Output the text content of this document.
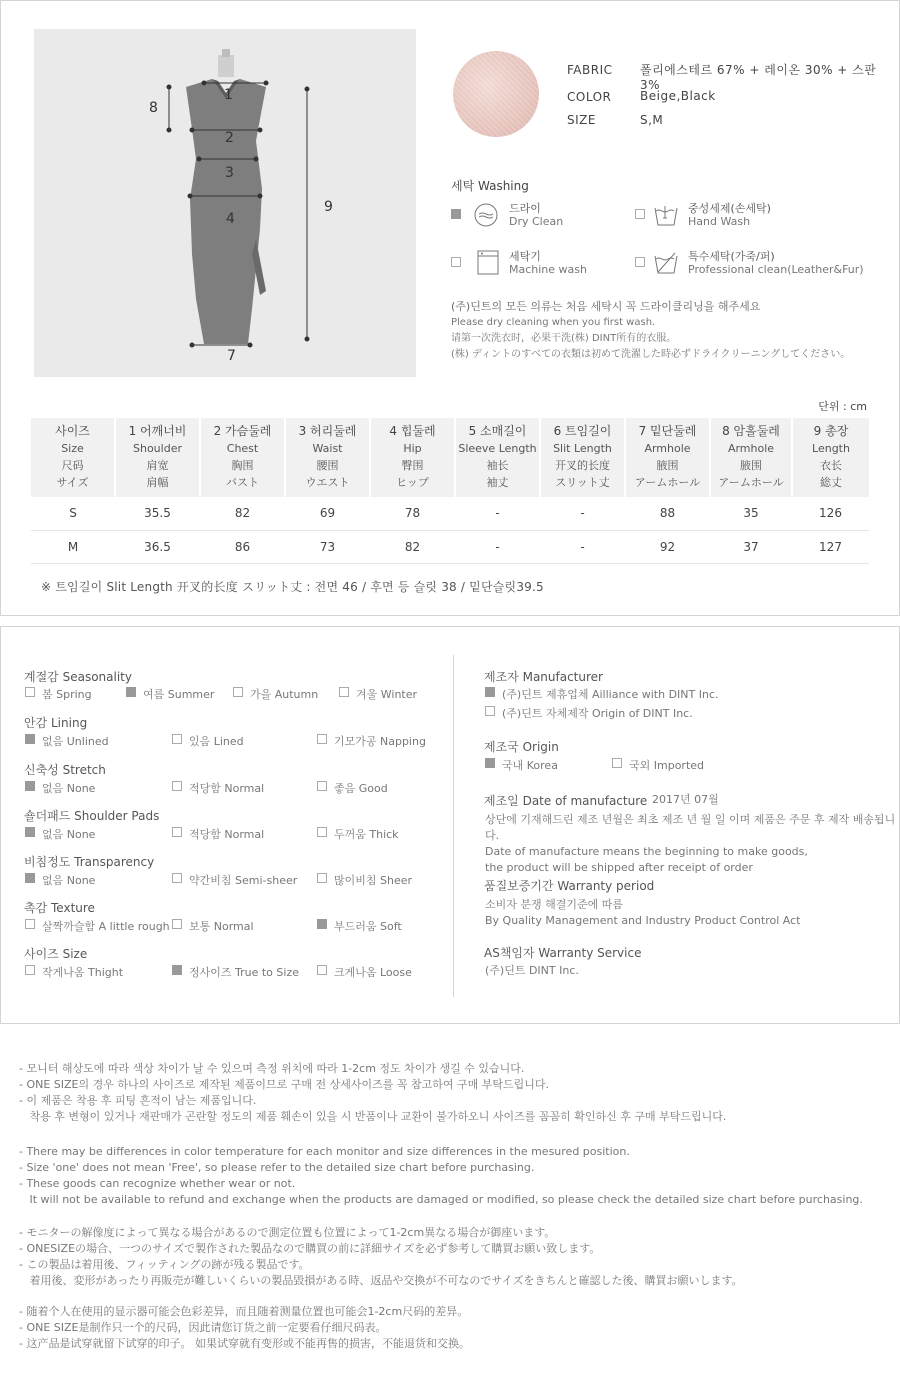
1
2
3
4
7
8
9
FABRIC 폴리에스테르 67% + 레이온 30% + 스판 3%
COLOR Beige,Black
SIZE	S,M
세탁 Washing
드라이
Dry Clean
중성세제(손세탁)
Hand Wash
세탁기
Machine wash
특수세탁(가죽/퍼)
Professional clean(Leather&Fur)
(주)딘트의 모든 의류는 처음 세탁시 꼭 드라이클리닝을 해주세요
Please dry cleaning when you first wash.
请第一次洗衣时，必果干洗(株) DINT所有的衣服。
(株) ディントのすべての衣類は初めて洗濯した時必ずドライクリーニングしてください。
단위 : cm
사이즈
Size
尺码
サイズ	1 어깨너비
Shoulder
肩宽
肩幅	2 가슴둘레
Chest
胸围
バスト	3 허리둘레
Waist
腰围
ウエスト	4 힙둘레
Hip
臀围
ヒップ	5 소매길이
Sleeve Length
袖长
袖丈	6 트임길이
Slit Length
开叉的长度
スリット丈	7 밑단둘레
Armhole
腋围
アームホール	8 암홀둘레
Armhole
腋围
アームホール	9 총장
Length
衣长
総丈

S	35.5	82	69	78	-	-	88	35	126
M	36.5	86	73	82	-	-	92	37	127
※ 트임길이 Slit Length 开叉的长度 スリット丈 : 전면 46 / 후면 등 슬릿 38 / 밑단슬릿39.5
계절감 Seasonality
봄 Spring	여름 Summer	가을 Autumn	겨울 Winter
안감 Lining
없음 Unlined	있음 Lined	기모가공 Napping
신축성 Stretch
없음 None	적당함 Normal	좋음 Good
숄더패드 Shoulder Pads
없음 None	적당함 Normal	두꺼움 Thick
비침정도 Transparency
없음 None	약간비침 Semi-sheer	많이비침 Sheer
촉감 Texture
살짝까슬함 A little rough	보통 Normal	부드러움 Soft
사이즈 Size
작게나옴 Thight	정사이즈 True to Size	크게나옴 Loose
제조자 Manufacturer
(주)딘트 제휴업체 Ailliance with DINT Inc.
(주)딘트 자체제작 Origin of DINT Inc.
제조국 Origin
국내 Korea	국외 Imported
제조일 Date of manufacture 2017년 07월
상단에 기재해드린 제조 년월은 최초 제조 년 월 일 이며 제품은 주문 후 제작 배송됩니다.
Date of manufacture means the beginning to make goods,
the product will be shipped after receipt of order
품질보증기간 Warranty period
소비자 분쟁 해결기준에 따름
By Quality Management and Industry Product Control Act
AS책임자 Warranty Service
(주)딘트 DINT Inc.
- 모니터 해상도에 따라 색상 차이가 날 수 있으며 측정 위치에 따라 1-2cm 정도 차이가 생길 수 있습니다.
- ONE SIZE의 경우 하나의 사이즈로 제작된 제품이므로 구매 전 상세사이즈를 꼭 참고하여 구매 부탁드립니다.
- 이 제품은 착용 후 피팅 흔적이 남는 제품입니다.
착용 후 변형이 있거나 재판매가 곤란할 정도의 제품 훼손이 있을 시 반품이나 교환이 불가하오니 사이즈를 꼼꼼히 확인하신 후 구매 부탁드립니다.
- There may be differences in color temperature for each monitor and size differences in the mesured position.
- Size 'one' does not mean 'Free', so please refer to the detailed size chart before purchasing.
- These goods can recognize whether wear or not.
It will not be available to refund and exchange when the products are damaged or modified, so please check the detailed size chart before purchasing.
- モニターの解像度によって異なる場合があるので測定位置も位置によって1-2cm異なる場合が御座います。
- ONESIZEの場合、一つのサイズで製作された製品なので購買の前に詳細サイズを必ず参考して購買お願い致します。
- この製品は着用後、フィッティングの跡が残る製品です。
着用後、変形があったり再販売が難しいくらいの製品毀損がある時、返品や交換が不可なのでサイズをきちんと確認した後、購買お願いします。
- 随着个人在使用的显示器可能会色彩差异，而且随着测量位置也可能会1-2cm尺码的差异。
- ONE SIZE是制作只一个的尺码，因此请您订货之前一定要看仔细尺码表。
- 这产品是试穿就留下试穿的印子。 如果试穿就有变形或不能再售的损害，不能退货和交换。
